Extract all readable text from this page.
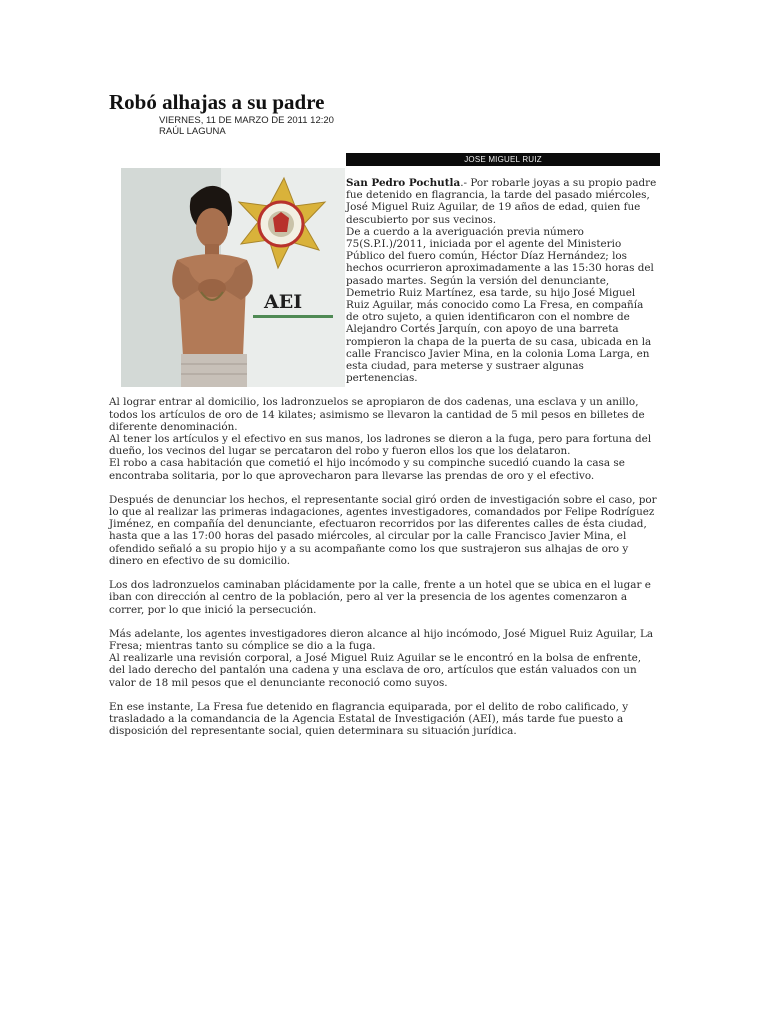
Robó alhajas a su padre
VIERNES, 11 DE MARZO DE 2011 12:20
RAÚL LAGUNA
JOSE MIGUEL RUIZ
AEI

San Pedro Pochutla.- Por robarle joyas a su propio padre fue detenido en flagrancia, la tarde del pasado miércoles, José Miguel Ruiz Aguilar, de 19 años de edad, quien fue descubierto por sus vecinos.

De a cuerdo a la averiguación previa número 75(S.P.I.)/2011, iniciada por el agente del Ministerio Público del fuero común, Héctor Díaz Hernández; los hechos ocurrieron aproximadamente a las 15:30 horas del pasado martes. Según la versión del denunciante, Demetrio Ruiz Martínez, esa tarde, su hijo José Miguel Ruiz Aguilar, más conocido como La Fresa, en compañía de otro sujeto, a quien identificaron con el nombre de Alejandro Cortés Jarquín, con apoyo de una barreta rompieron la chapa de la puerta de su casa, ubicada en la calle Francisco Javier Mina, en la colonia Loma Larga, en esta ciudad, para meterse y sustraer algunas pertenencias.

Al lograr entrar al domicilio, los ladronzuelos se apropiaron de dos cadenas, una esclava y un anillo, todos los artículos de oro de 14 kilates; asimismo se llevaron la cantidad de 5 mil pesos en billetes de diferente denominación.

Al tener los artículos y el efectivo en sus manos, los ladrones se dieron a la fuga, pero para fortuna del dueño, los vecinos del lugar se percataron del robo y fueron ellos los que los delataron.

El robo a casa habitación que cometió el hijo incómodo y su compinche sucedió cuando la casa se encontraba solitaria, por lo que aprovecharon para llevarse las prendas de oro y el efectivo.

Después de denunciar los hechos, el representante social giró orden de investigación sobre el caso, por lo que al realizar las primeras indagaciones, agentes investigadores, comandados por Felipe Rodríguez Jiménez, en compañía del denunciante, efectuaron recorridos por las diferentes calles de ésta ciudad, hasta que a las 17:00 horas del pasado miércoles, al circular por la calle Francisco Javier Mina, el ofendido señaló a su propio hijo y a su acompañante como los que sustrajeron sus alhajas de oro y dinero en efectivo de su domicilio.

Los dos ladronzuelos caminaban plácidamente por la calle, frente a un hotel que se ubica en el lugar e iban con dirección al centro de la población, pero al ver la presencia de los agentes comenzaron a correr, por lo que inició la persecución.

Más adelante, los agentes investigadores dieron alcance al hijo incómodo, José Miguel Ruiz Aguilar, La Fresa; mientras tanto su cómplice se dio a la fuga.

Al realizarle una revisión corporal, a José Miguel Ruiz Aguilar se le encontró en la bolsa de enfrente, del lado derecho del pantalón una cadena y una esclava de oro, artículos que están valuados con un valor de 18 mil pesos que el denunciante reconoció como suyos.

En ese instante, La Fresa fue detenido en flagrancia equiparada, por el delito de robo calificado, y trasladado a la comandancia de la Agencia Estatal de Investigación (AEI), más tarde fue puesto a disposición del representante social, quien determinara su situación jurídica.
